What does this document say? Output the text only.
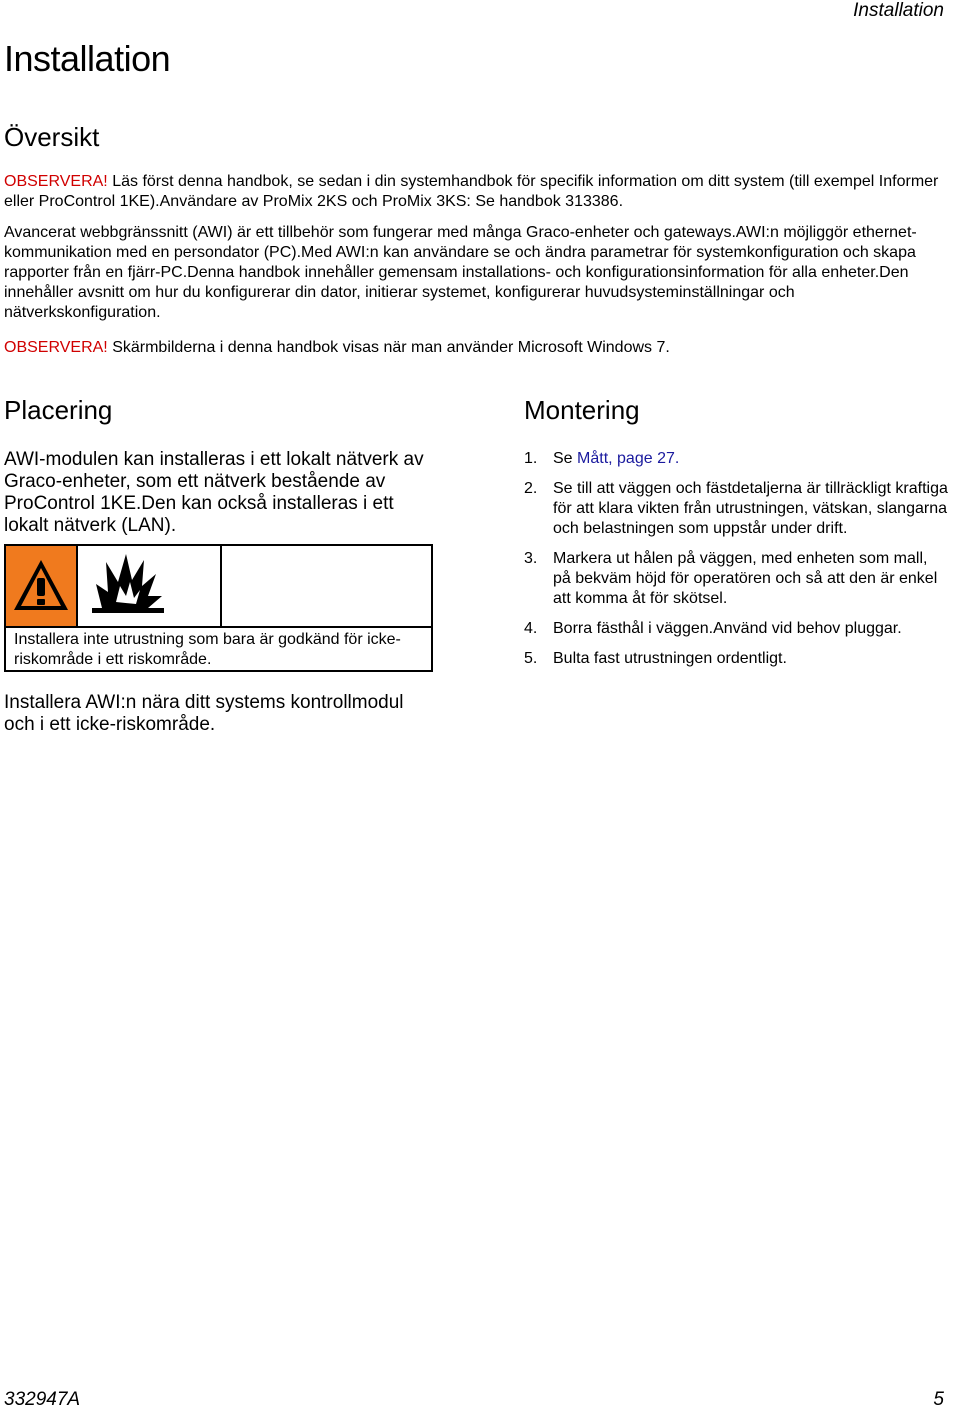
Installation
Installation
Översikt
OBSERVERA! Läs först denna handbok, se sedan i din systemhandbok för specifik information om ditt system (till exempel Informer eller ProControl 1KE).Användare av ProMix 2KS och ProMix 3KS: Se handbok 313386.
Avancerat webbgränssnitt (AWI) är ett tillbehör som fungerar med många Graco-enheter och gateways.AWI:n möjliggör ethernet-kommunikation med en persondator (PC).Med AWI:n kan användare se och ändra parametrar för systemkonfiguration och skapa rapporter från en fjärr-PC.Denna handbok innehåller gemensam installations- och konfigurationsinformation för alla enheter.Den innehåller avsnitt om hur du konfigurerar din dator, initierar systemet, konfigurerar huvudsysteminställningar och nätverkskonfiguration.
OBSERVERA! Skärmbilderna i denna handbok visas när man använder Microsoft Windows 7.
Placering
AWI-modulen kan installeras i ett lokalt nätverk av Graco-enheter, som ett nätverk bestående av ProControl 1KE.Den kan också installeras i ett lokalt nätverk (LAN).
Installera inte utrustning som bara är godkänd för icke-riskområde i ett riskområde.
Installera AWI:n nära ditt systems kontrollmodul och i ett icke-riskområde.
Montering
1. Se Mått, page 27.
2. Se till att väggen och fästdetaljerna är tillräckligt kraftiga för att klara vikten från utrustningen, vätskan, slangarna och belastningen som uppstår under drift.
3. Markera ut hålen på väggen, med enheten som mall, på bekväm höjd för operatören och så att den är enkel att komma åt för skötsel.
4. Borra fästhål i väggen.Använd vid behov pluggar.
5. Bulta fast utrustningen ordentligt.
332947A	5
